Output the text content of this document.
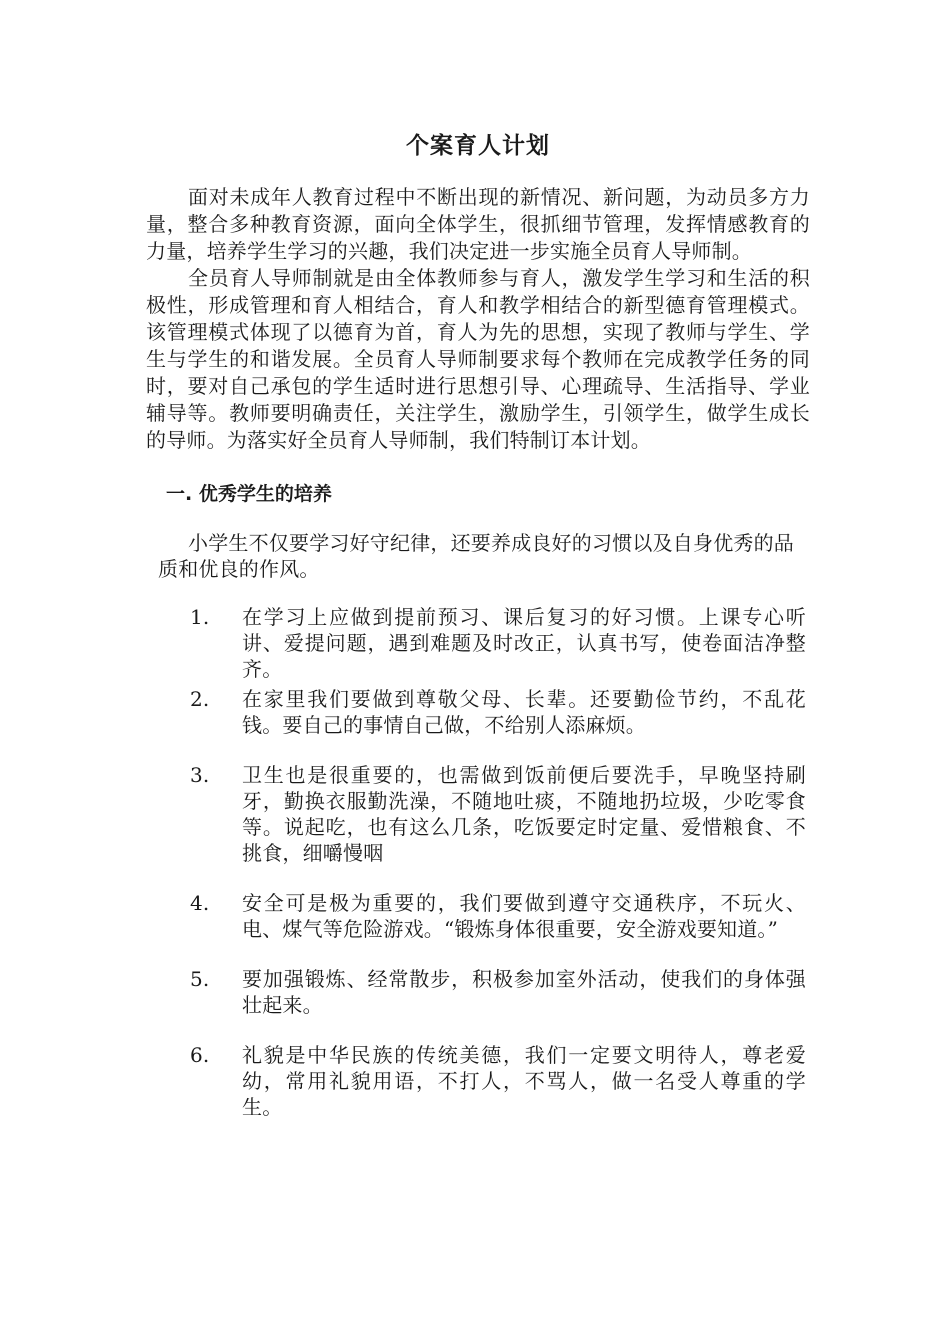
个案育人计划

面对未成年人教育过程中不断出现的新情况、新问题，为动员多方力量，整合多种教育资源，面向全体学生，很抓细节管理，发挥情感教育的力量，培养学生学习的兴趣，我们决定进一步实施全员育人导师制。

全员育人导师制就是由全体教师参与育人，激发学生学习和生活的积极性，形成管理和育人相结合，育人和教学相结合的新型德育管理模式。该管理模式体现了以德育为首，育人为先的思想，实现了教师与学生、学生与学生的和谐发展。全员育人导师制要求每个教师在完成教学任务的同时，要对自己承包的学生适时进行思想引导、心理疏导、生活指导、学业辅导等。教师要明确责任，关注学生，激励学生，引领学生，做学生成长的导师。为落实好全员育人导师制，我们特制订本计划。

一. 优秀学生的培养

小学生不仅要学习好守纪律，还要养成良好的习惯以及自身优秀的品质和优良的作风。

1.	在学习上应做到提前预习、课后复习的好习惯。上课专心听讲、爱提问题，遇到难题及时改正，认真书写，使卷面洁净整齐。
2.	在家里我们要做到尊敬父母、长辈。还要勤俭节约，不乱花钱。要自己的事情自己做，不给别人添麻烦。
3.	卫生也是很重要的，也需做到饭前便后要洗手，早晚坚持刷牙，勤换衣服勤洗澡，不随地吐痰，不随地扔垃圾，少吃零食等。说起吃，也有这么几条，吃饭要定时定量、爱惜粮食、不挑食，细嚼慢咽
4.	安全可是极为重要的，我们要做到遵守交通秩序，不玩火、电、煤气等危险游戏。“锻炼身体很重要，安全游戏要知道。”
5.	要加强锻炼、经常散步，积极参加室外活动，使我们的身体强壮起来。
6.	礼貌是中华民族的传统美德，我们一定要文明待人，尊老爱幼，常用礼貌用语，不打人，不骂人，做一名受人尊重的学生。
